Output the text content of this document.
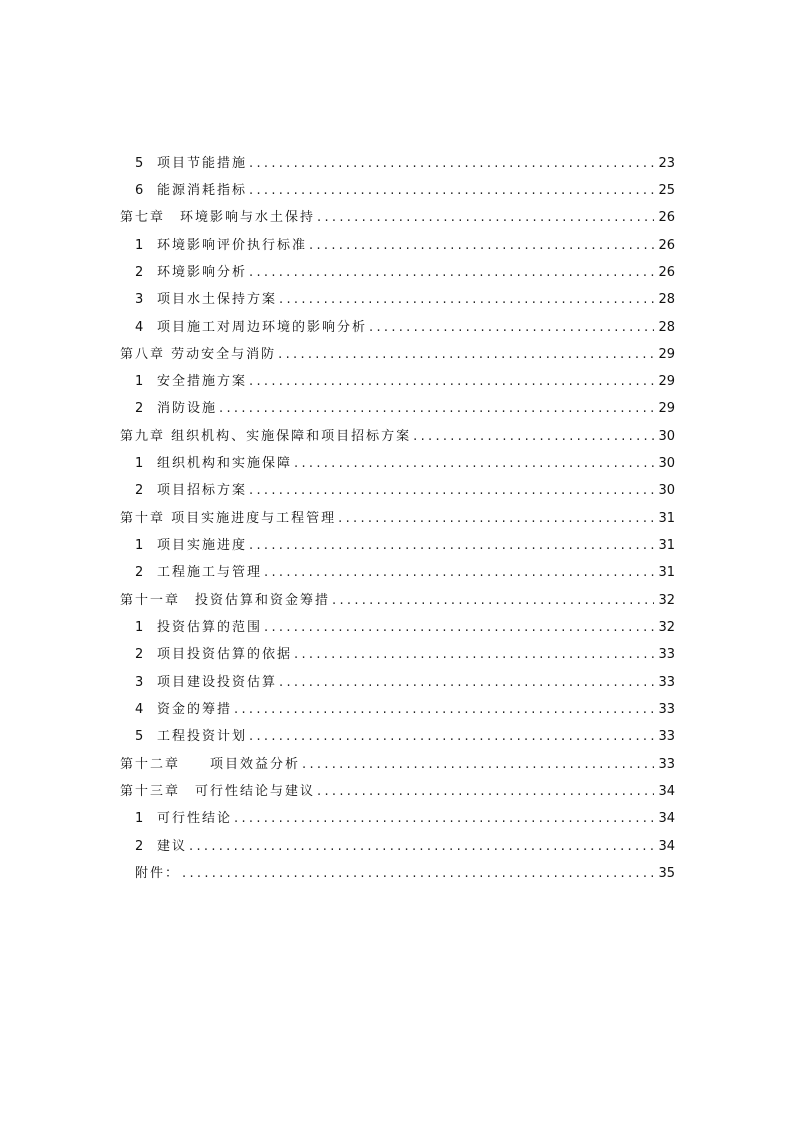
5 项目节能措施 .....	23
6 能源消耗指标 .....	25
第七章　环境影响与水土保持 .....	26
1 环境影响评价执行标准 .....	26
2 环境影响分析 .....	26
3 项目水土保持方案 .....	28
4 项目施工对周边环境的影响分析 .....	28
第八章 劳动安全与消防 .....	29
1 安全措施方案 .....	29
2 消防设施 .....	29
第九章 组织机构、实施保障和项目招标方案 .....	30
1 组织机构和实施保障 .....	30
2 项目招标方案 .....	30
第十章 项目实施进度与工程管理 .....	31
1 项目实施进度 .....	31
2 工程施工与管理 .....	31
第十一章　投资估算和资金筹措 .....	32
1 投资估算的范围 .....	32
2 项目投资估算的依据 .....	33
3 项目建设投资估算 .....	33
4 资金的筹措 .....	33
5 工程投资计划 .....	33
第十二章　　项目效益分析 .....	33
第十三章　可行性结论与建议 .....	34
1 可行性结论 .....	34
2 建议 .....	34
附件： .....	35
